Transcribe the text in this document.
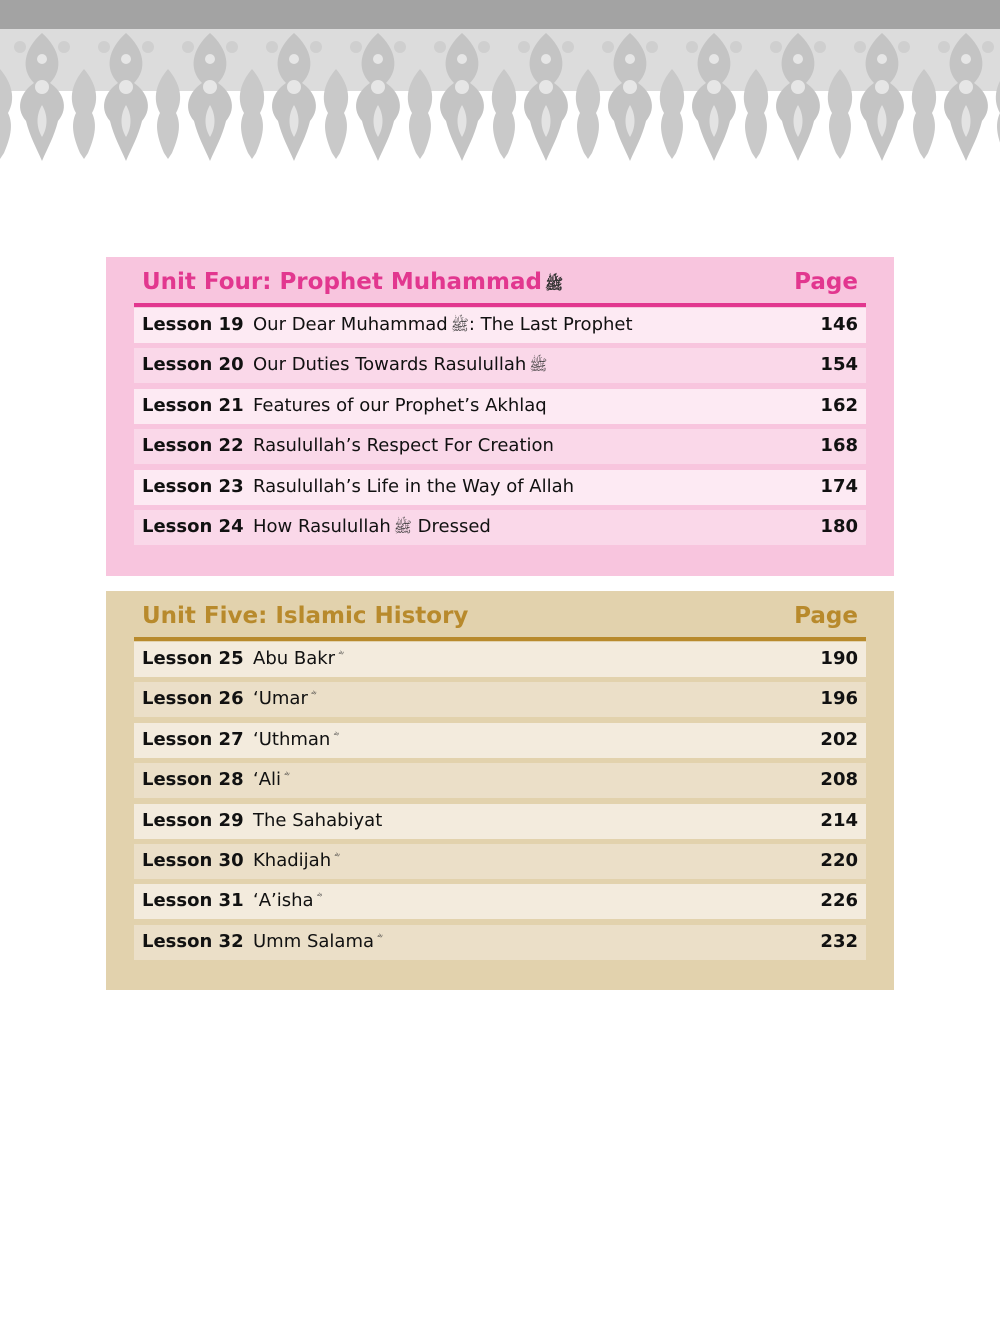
Unit Four: Prophet Muhammad ﷺ	Page
Lesson 19 Our Dear Muhammad ﷺ: The Last Prophet	146
Lesson 20 Our Duties Towards Rasulullah ﷺ	154
Lesson 21 Features of our Prophet’s Akhlaq	162
Lesson 22 Rasulullah’s Respect For Creation	168
Lesson 23 Rasulullah’s Life in the Way of Allah	174
Lesson 24 How Rasulullah ﷺ Dressed	180
Unit Five: Islamic History	Page
Lesson 25 Abu Bakr	190
Lesson 26 ‘Umar	196
Lesson 27 ‘Uthman	202
Lesson 28 ‘Ali	208
Lesson 29 The Sahabiyat	214
Lesson 30 Khadijah	220
Lesson 31 ‘A’isha	226
Lesson 32 Umm Salama	232
